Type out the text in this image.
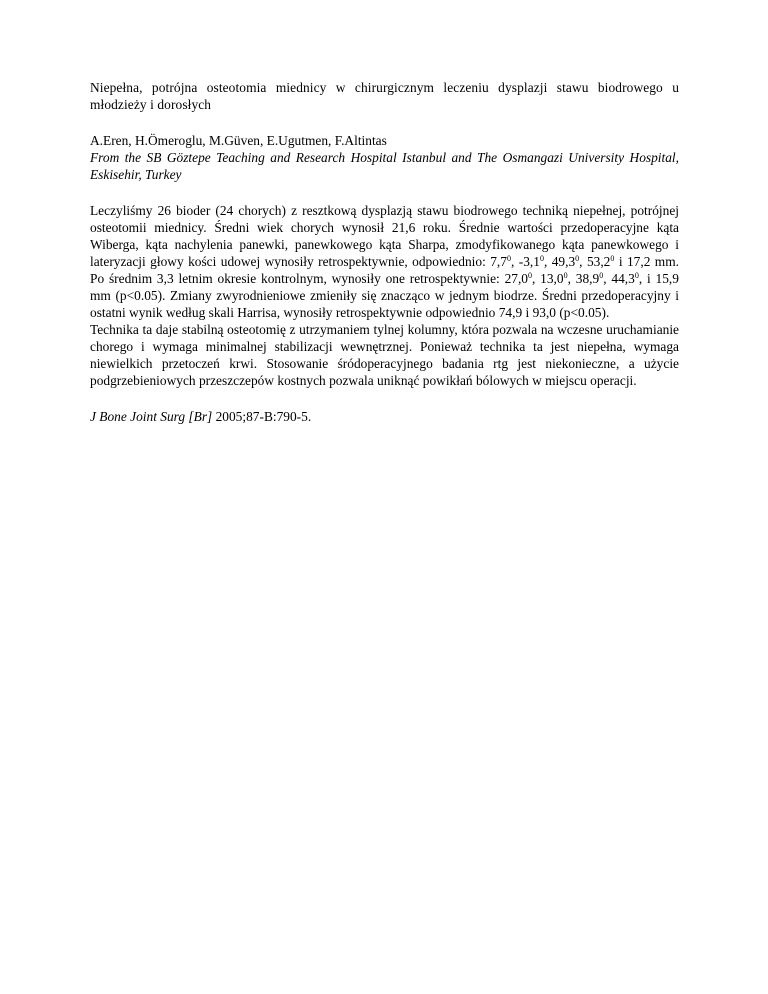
Niepełna, potrójna osteotomia miednicy w chirurgicznym leczeniu dysplazji stawu biodrowego u młodzieży i dorosłych

A.Eren, H.Ömeroglu, M.Güven, E.Ugutmen, F.Altintas

From the SB Göztepe Teaching and Research Hospital Istanbul and The Osmangazi University Hospital, Eskisehir, Turkey

Leczyliśmy 26 bioder (24 chorych) z resztkową dysplazją stawu biodrowego techniką niepełnej, potrójnej osteotomii miednicy. Średni wiek chorych wynosił 21,6 roku. Średnie wartości przedoperacyjne kąta Wiberga, kąta nachylenia panewki, panewkowego kąta Sharpa, zmodyfikowanego kąta panewkowego i lateryzacji głowy kości udowej wynosiły retrospektywnie, odpowiednio: $7,7^0$, $-3,1^0$, 49,3$^0$, 53,2$^0$ i 17,2 mm. Po średnim 3,3 letnim okresie kontrolnym, wynosiły one retrospektywnie: 27,0$^0$, 13,0$^0$, 38,9$^0$, 44,3$^0$, i 15,9 mm (p<0.05). Zmiany zwyrodnieniowe zmieniły się znacząco w jednym biodrze. Średni przedoperacyjny i ostatni wynik według skali Harrisa, wynosiły retrospektywnie odpowiednio 74,9 i 93,0 (p<0.05).

Technika ta daje stabilną osteotomię z utrzymaniem tylnej kolumny, która pozwala na wczesne uruchamianie chorego i wymaga minimalnej stabilizacji wewnętrznej. Ponieważ technika ta jest niepełna, wymaga niewielkich przetoczeń krwi. Stosowanie śródoperacyjnego badania rtg jest niekonieczne, a użycie podgrzebieniowych przeszczepów kostnych pozwala uniknąć powikłań bólowych w miejscu operacji.

J Bone Joint Surg [Br] 2005;87-B:790-5.
